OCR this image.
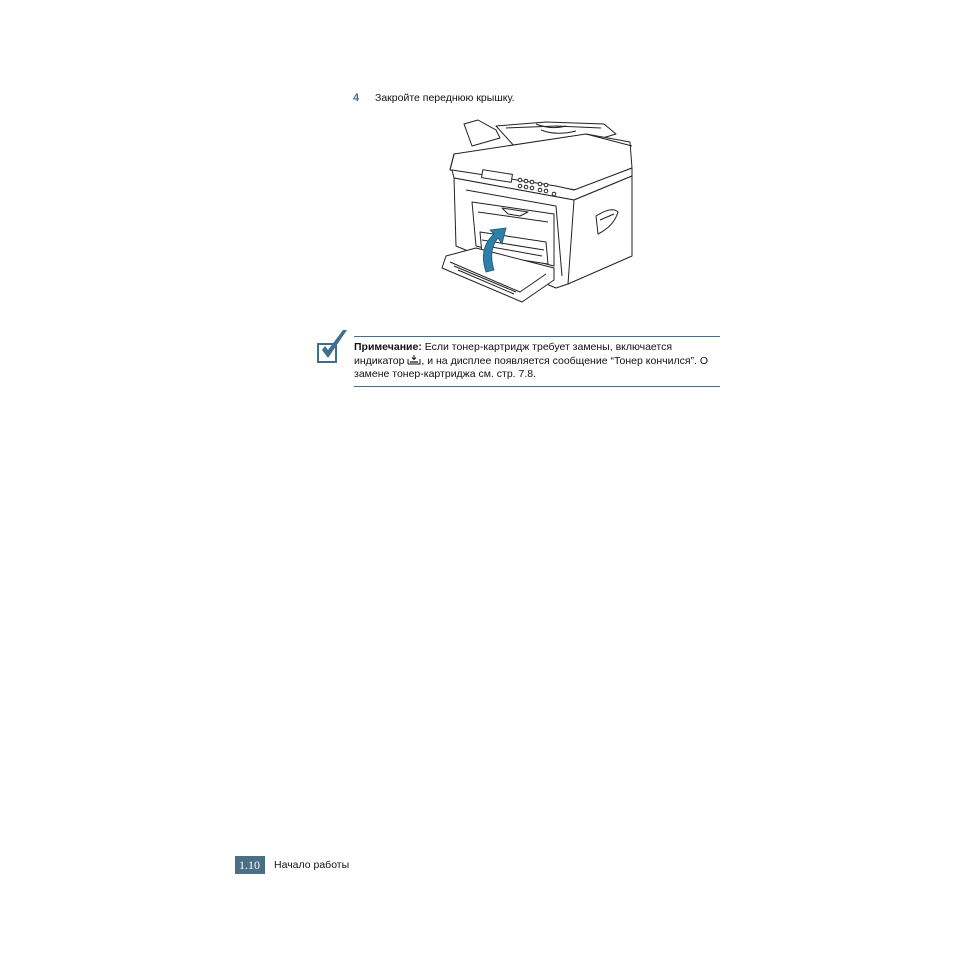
4	Закройте переднюю крышку.
Примечание: Если тонер-картридж требует замены, включается индикатор , и на дисплее появляется сообщение “Тонер кончился”. О замене тонер-картриджа см. стр. 7.8.
1.10	Начало работы
